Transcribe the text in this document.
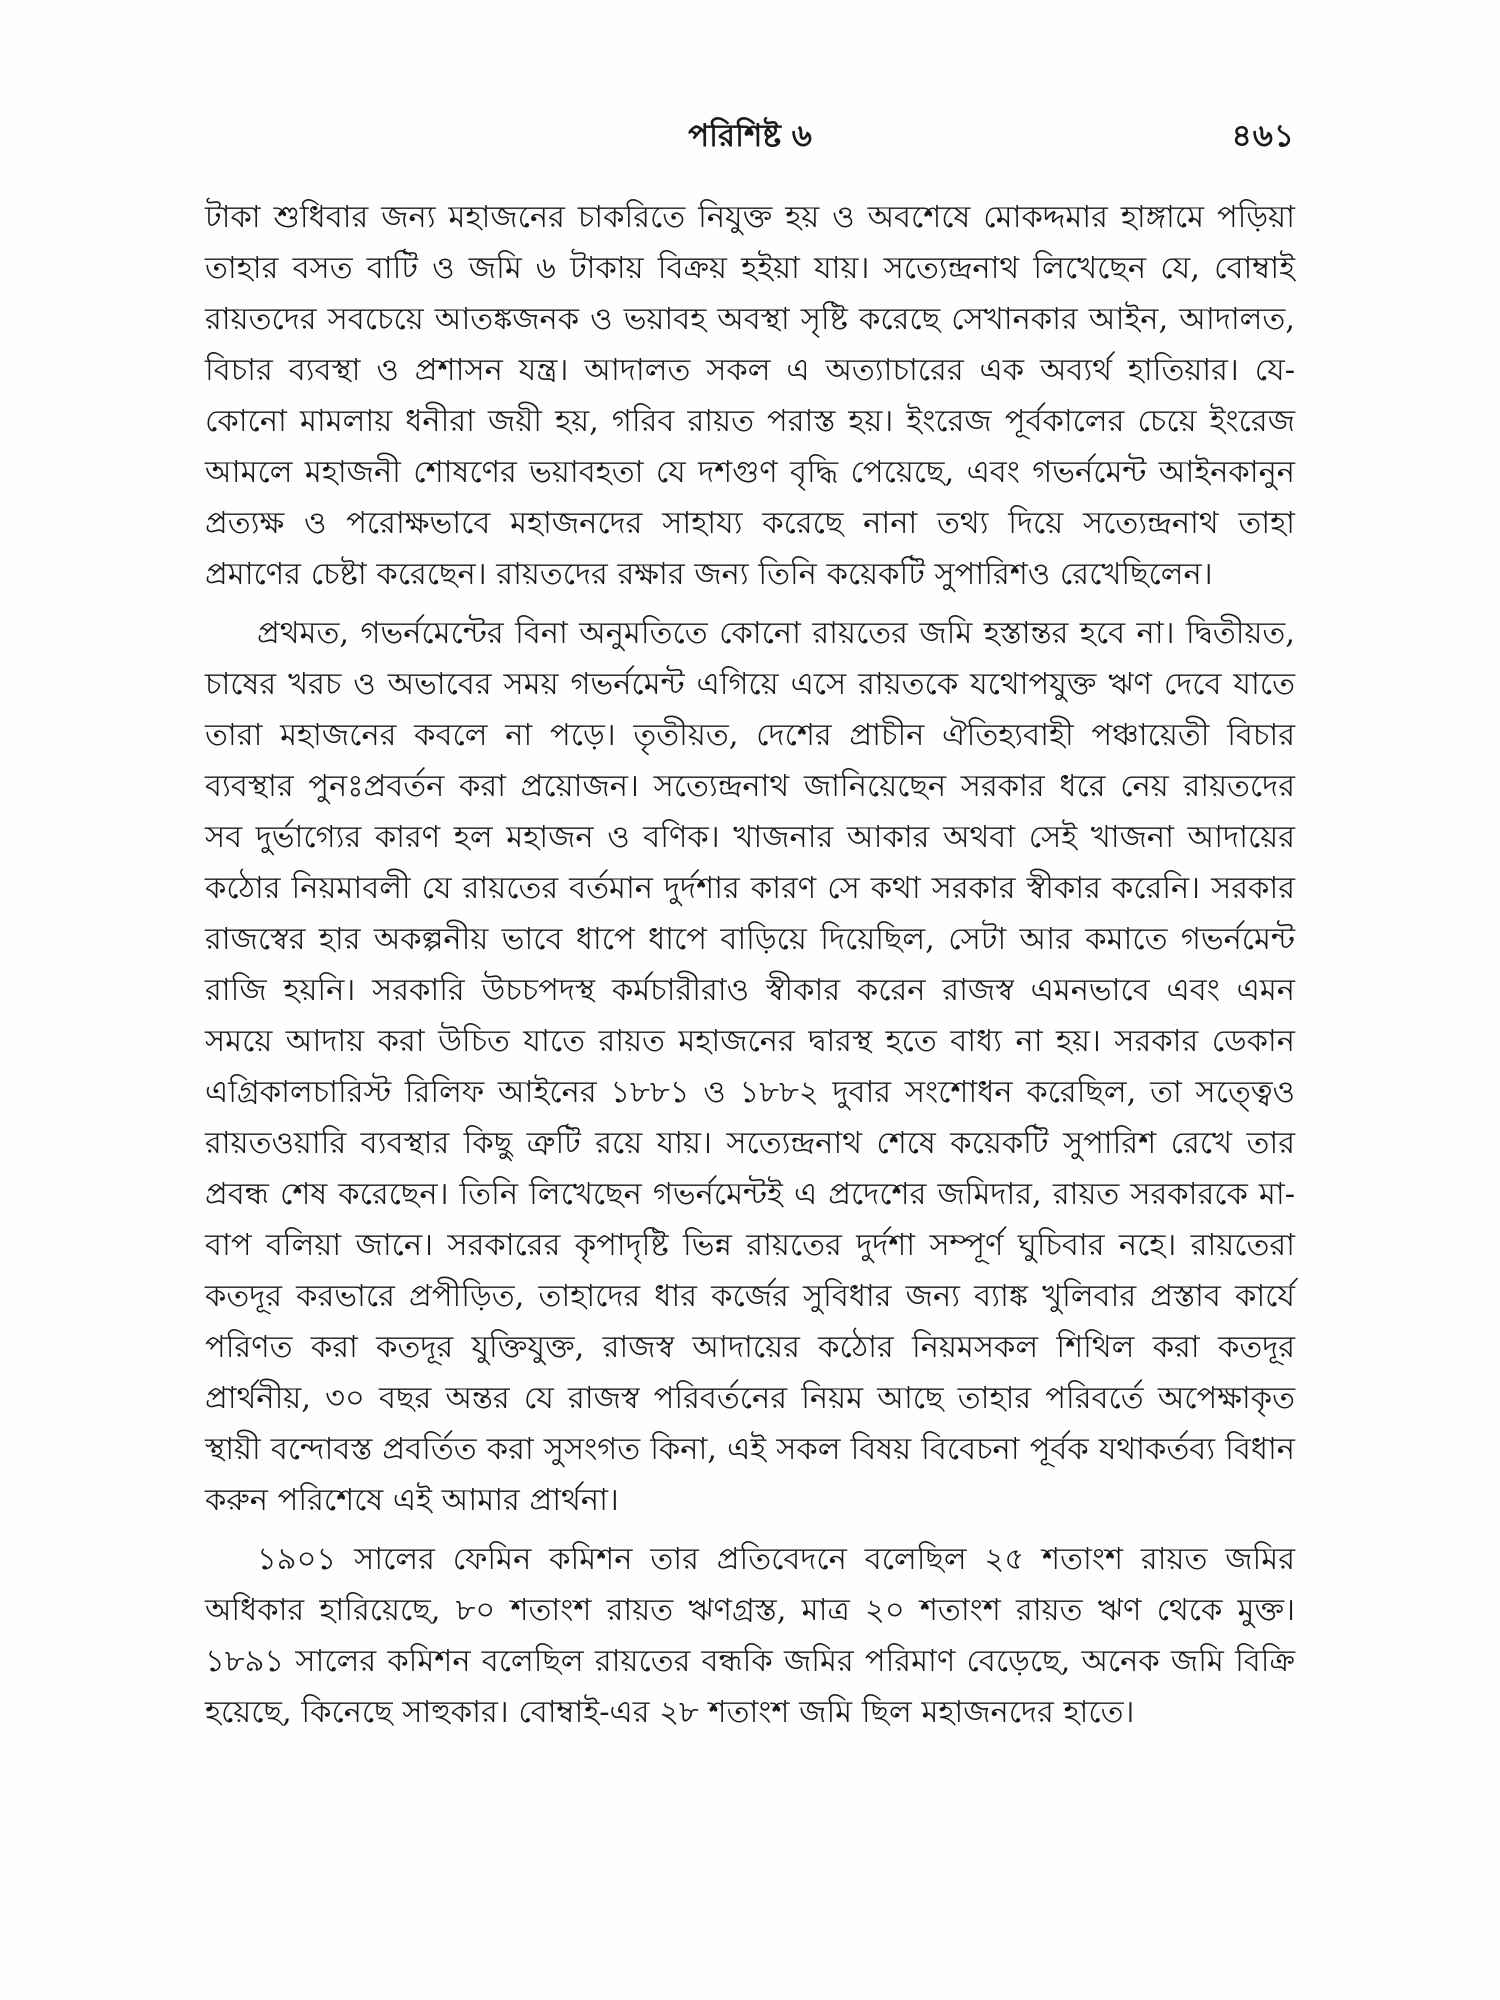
পরিশিষ্ট ৬	৪৬১

টাকা শুধিবার জন্য মহাজনের চাকরিতে নিযুক্ত হয় ও অবশেষে মোকদ্দমার হাঙ্গামে পড়িয়া তাহার বসত বাটি ও জমি ৬ টাকায় বিক্রয় হইয়া যায়। সত্যেন্দ্রনাথ লিখেছেন যে, বোম্বাই রায়তদের সবচেয়ে আতঙ্কজনক ও ভয়াবহ অবস্থা সৃষ্টি করেছে সেখানকার আইন, আদালত, বিচার ব্যবস্থা ও প্রশাসন যন্ত্র। আদালত সকল এ অত্যাচারের এক অব্যর্থ হাতিয়ার। যে-কোনো মামলায় ধনীরা জয়ী হয়, গরিব রায়ত পরাস্ত হয়। ইংরেজ পূর্বকালের চেয়ে ইংরেজ আমলে মহাজনী শোষণের ভয়াবহতা যে দশগুণ বৃদ্ধি পেয়েছে, এবং গভর্নমেন্ট আইনকানুন প্রত্যক্ষ ও পরোক্ষভাবে মহাজনদের সাহায্য করেছে নানা তথ্য দিয়ে সত্যেন্দ্রনাথ তাহা প্রমাণের চেষ্টা করেছেন। রায়তদের রক্ষার জন্য তিনি কয়েকটি সুপারিশও রেখেছিলেন।

প্রথমত, গভর্নমেন্টের বিনা অনুমতিতে কোনো রায়তের জমি হস্তান্তর হবে না। দ্বিতীয়ত, চাষের খরচ ও অভাবের সময় গভর্নমেন্ট এগিয়ে এসে রায়তকে যথোপযুক্ত ঋণ দেবে যাতে তারা মহাজনের কবলে না পড়ে। তৃতীয়ত, দেশের প্রাচীন ঐতিহ্যবাহী পঞ্চায়েতী বিচার ব্যবস্থার পুনঃপ্রবর্তন করা প্রয়োজন। সত্যেন্দ্রনাথ জানিয়েছেন সরকার ধরে নেয় রায়তদের সব দুর্ভাগ্যের কারণ হল মহাজন ও বণিক। খাজনার আকার অথবা সেই খাজনা আদায়ের কঠোর নিয়মাবলী যে রায়তের বর্তমান দুর্দশার কারণ সে কথা সরকার স্বীকার করেনি। সরকার রাজস্বের হার অকল্পনীয় ভাবে ধাপে ধাপে বাড়িয়ে দিয়েছিল, সেটা আর কমাতে গভর্নমেন্ট রাজি হয়নি। সরকারি উচচপদস্থ কর্মচারীরাও স্বীকার করেন রাজস্ব এমনভাবে এবং এমন সময়ে আদায় করা উচিত যাতে রায়ত মহাজনের দ্বারস্থ হতে বাধ্য না হয়। সরকার ডেকান এগ্রিকালচারিস্ট রিলিফ আইনের ১৮৮১ ও ১৮৮২ দুবার সংশোধন করেছিল, তা সত্ত্বেও রায়তওয়ারি ব্যবস্থার কিছু ত্রুটি রয়ে যায়। সত্যেন্দ্রনাথ শেষে কয়েকটি সুপারিশ রেখে তার প্রবন্ধ শেষ করেছেন। তিনি লিখেছেন গভর্নমেন্টই এ প্রদেশের জমিদার, রায়ত সরকারকে মা-বাপ বলিয়া জানে। সরকারের কৃপাদৃষ্টি ভিন্ন রায়তের দুর্দশা সম্পূর্ণ ঘুচিবার নহে। রায়তেরা কতদূর করভারে প্রপীড়িত, তাহাদের ধার কর্জের সুবিধার জন্য ব্যাঙ্ক খুলিবার প্রস্তাব কার্যে পরিণত করা কতদূর যুক্তিযুক্ত, রাজস্ব আদায়ের কঠোর নিয়মসকল শিথিল করা কতদূর প্রার্থনীয়, ৩০ বছর অন্তর যে রাজস্ব পরিবর্তনের নিয়ম আছে তাহার পরিবর্তে অপেক্ষাকৃত স্থায়ী বন্দোবস্ত প্রবর্তিত করা সুসংগত কিনা, এই সকল বিষয় বিবেচনা পূর্বক যথাকর্তব্য বিধান করুন পরিশেষে এই আমার প্রার্থনা।

১৯০১ সালের ফেমিন কমিশন তার প্রতিবেদনে বলেছিল ২৫ শতাংশ রায়ত জমির অধিকার হারিয়েছে, ৮০ শতাংশ রায়ত ঋণগ্রস্ত, মাত্র ২০ শতাংশ রায়ত ঋণ থেকে মুক্ত। ১৮৯১ সালের কমিশন বলেছিল রায়তের বন্ধকি জমির পরিমাণ বেড়েছে, অনেক জমি বিক্রি হয়েছে, কিনেছে সাহুকার। বোম্বাই-এর ২৮ শতাংশ জমি ছিল মহাজনদের হাতে।
